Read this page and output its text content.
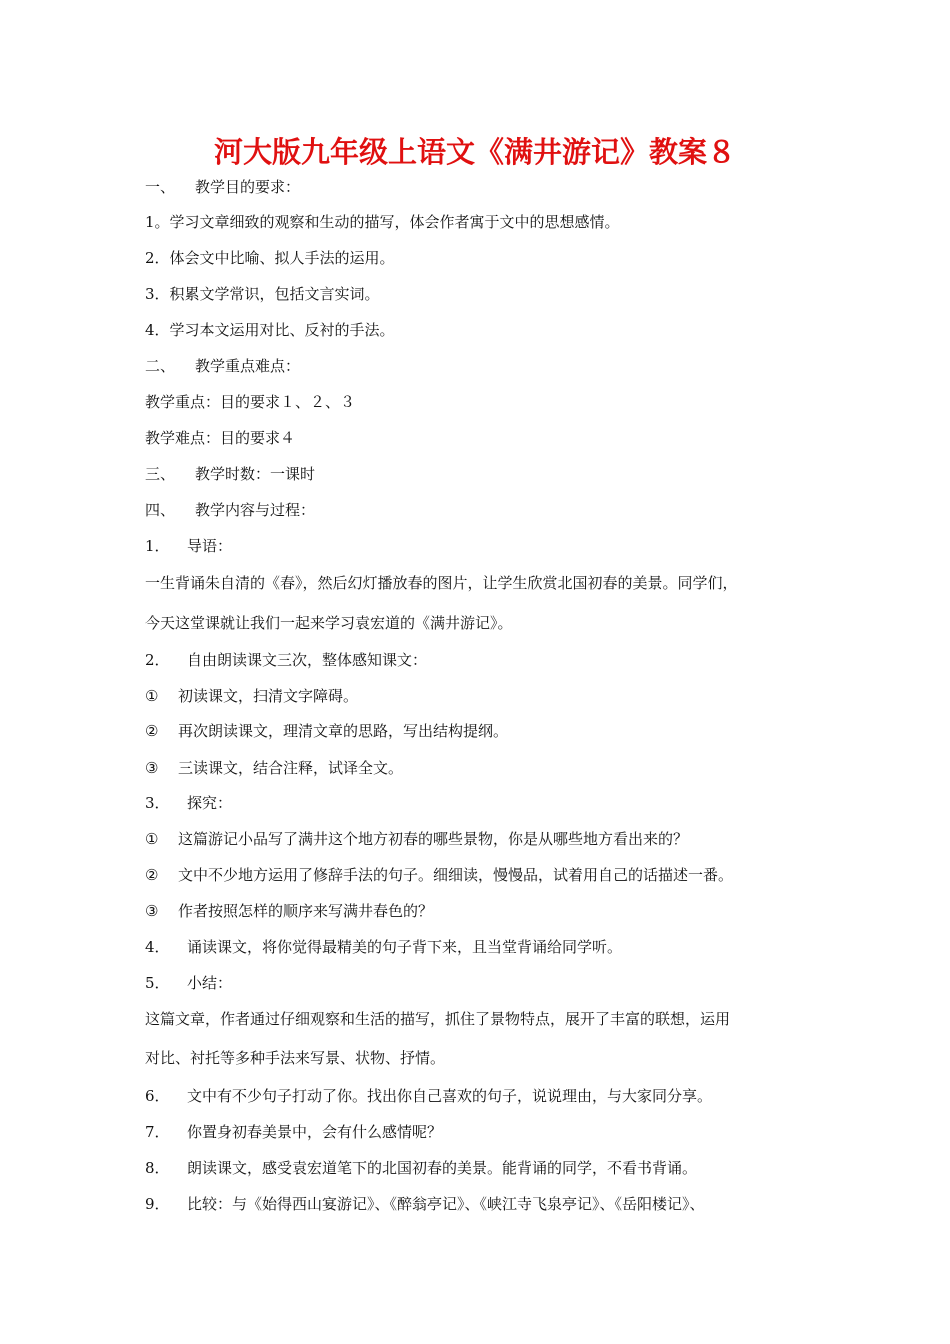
河大版九年级上语文《满井游记》教案８
一、 教学目的要求：
1。学习文章细致的观察和生动的描写，体会作者寓于文中的思想感情。
2．体会文中比喻、拟人手法的运用。
3．积累文学常识，包括文言实词。
4．学习本文运用对比、反衬的手法。
二、 教学重点难点：
教学重点：目的要求１、２、３
教学难点：目的要求４
三、 教学时数：一课时
四、 教学内容与过程：
1． 导语：
一生背诵朱自清的《春》，然后幻灯播放春的图片，让学生欣赏北国初春的美景。同学们，
今天这堂课就让我们一起来学习袁宏道的《满井游记》。
2． 自由朗读课文三次，整体感知课文：
① 初读课文，扫清文字障碍。
② 再次朗读课文，理清文章的思路，写出结构提纲。
③ 三读课文，结合注释，试译全文。
3． 探究：
① 这篇游记小品写了满井这个地方初春的哪些景物，你是从哪些地方看出来的？
② 文中不少地方运用了修辞手法的句子。细细读，慢慢品，试着用自己的话描述一番。
③ 作者按照怎样的顺序来写满井春色的？
4． 诵读课文，将你觉得最精美的句子背下来，且当堂背诵给同学听。
5． 小结：
这篇文章，作者通过仔细观察和生活的描写，抓住了景物特点，展开了丰富的联想，运用
对比、衬托等多种手法来写景、状物、抒情。
6． 文中有不少句子打动了你。找出你自己喜欢的句子，说说理由，与大家同分享。
7． 你置身初春美景中，会有什么感情呢？
8． 朗读课文，感受袁宏道笔下的北国初春的美景。能背诵的同学，不看书背诵。
9． 比较：与《始得西山宴游记》、《醉翁亭记》、《峡江寺飞泉亭记》、《岳阳楼记》、
